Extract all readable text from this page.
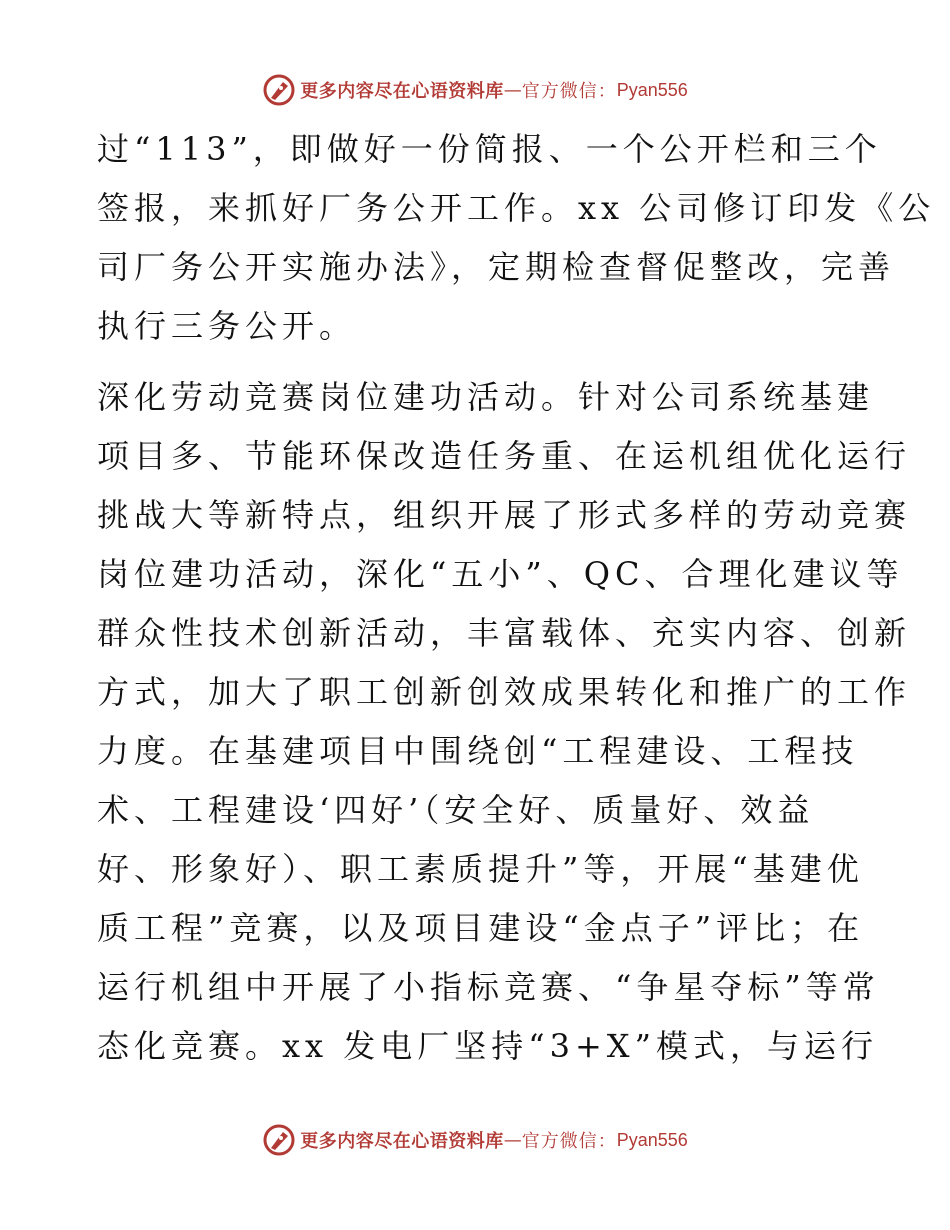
更多内容尽在心语资料库 — 官方微信： Pyan556
过“113”，即做好一份简报、一个公开栏和三个
签报，来抓好厂务公开工作。xx 公司修订印发《公
司厂务公开实施办法》，定期检查督促整改，完善
执行三务公开。
深化劳动竞赛岗位建功活动。针对公司系统基建
项目多、节能环保改造任务重、在运机组优化运行
挑战大等新特点，组织开展了形式多样的劳动竞赛
岗位建功活动，深化“五小”、QC、合理化建议等
群众性技术创新活动，丰富载体、充实内容、创新
方式，加大了职工创新创效成果转化和推广的工作
力度。在基建项目中围绕创“工程建设、工程技
术、工程建设‘四好’（安全好、质量好、效益
好、形象好）、职工素质提升”等，开展“基建优
质工程”竞赛，以及项目建设“金点子”评比；在
运行机组中开展了小指标竞赛、“争星夺标”等常
态化竞赛。xx 发电厂坚持“3+X”模式，与运行
更多内容尽在心语资料库 — 官方微信： Pyan556
